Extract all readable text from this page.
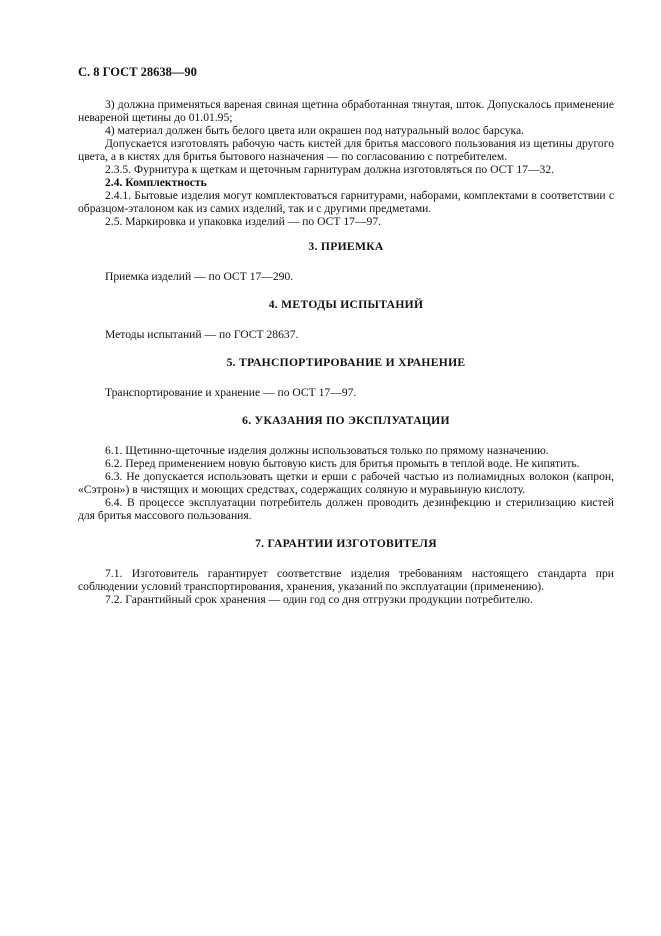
С. 8 ГОСТ 28638—90

3) должна применяться вареная свиная щетина обработанная тянутая, шток. Допускалось применение невареной щетины до 01.01.95;

4) материал должен быть белого цвета или окрашен под натуральный волос барсука.

Допускается изготовлять рабочую часть кистей для бритья массового пользования из щетины другого цвета, а в кистях для бритья бытового назначения — по согласованию с потребителем.

2.3.5. Фурнитура к щеткам и щеточным гарнитурам должна изготовляться по ОСТ 17—32.

2.4. Комплектность

2.4.1. Бытовые изделия могут комплектоваться гарнитурами, наборами, комплектами в соответствии с образцом-эталоном как из самих изделий, так и с другими предметами.

2.5. Маркировка и упаковка изделий — по ОСТ 17—97.

3. ПРИЕМКА

Приемка изделий — по ОСТ 17—290.

4. МЕТОДЫ ИСПЫТАНИЙ

Методы испытаний — по ГОСТ 28637.

5. ТРАНСПОРТИРОВАНИЕ И ХРАНЕНИЕ

Транспортирование и хранение — по ОСТ 17—97.

6. УКАЗАНИЯ ПО ЭКСПЛУАТАЦИИ

6.1. Щетинно-щеточные изделия должны использоваться только по прямому назначению.

6.2. Перед применением новую бытовую кисть для бритья промыть в теплой воде. Не кипятить.

6.3. Не допускается использовать щетки и ерши с рабочей частью из полиамидных волокон (капрон, «Сэтрон») в чистящих и моющих средствах, содержащих соляную и муравьиную кислоту.

6.4. В процессе эксплуатации потребитель должен проводить дезинфекцию и стерилизацию кистей для бритья массового пользования.

7. ГАРАНТИИ ИЗГОТОВИТЕЛЯ

7.1. Изготовитель гарантирует соответствие изделия требованиям настоящего стандарта при соблюдении условий транспортирования, хранения, указаний по эксплуатации (применению).

7.2. Гарантийный срок хранения — один год со дня отгрузки продукции потребителю.
